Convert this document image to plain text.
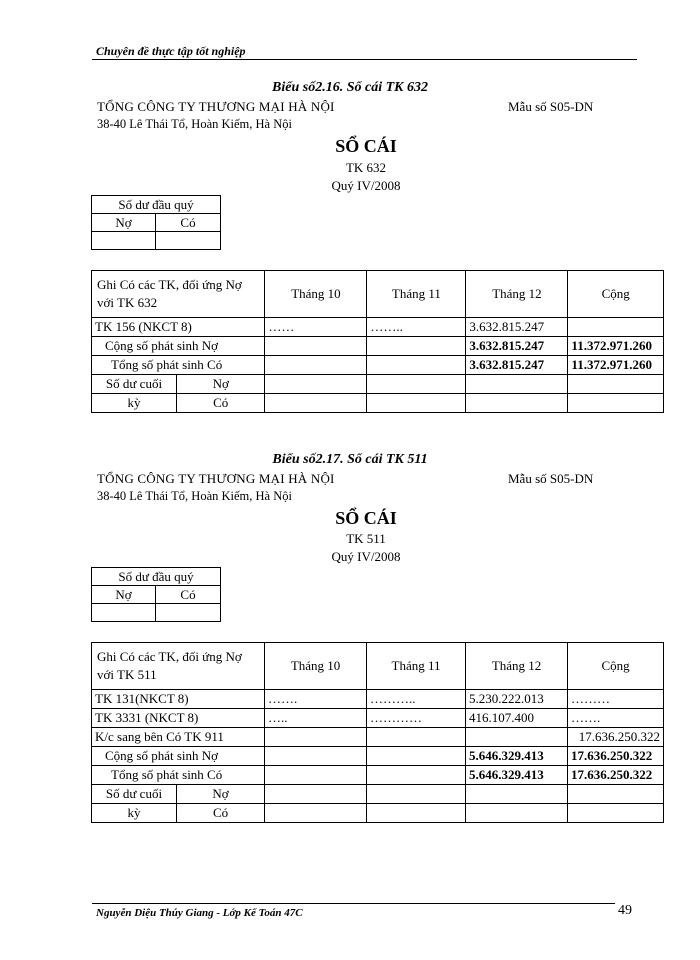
Chuyên đề thực tập tốt nghiệp
Biểu số2.16. Sổ cái TK 632
TỔNG CÔNG TY THƯƠNG MẠI HÀ NỘI	Mẫu số S05-DN
38-40 Lê Thái Tổ, Hoàn Kiếm, Hà Nội
SỔ CÁI
TK 632
Quý IV/2008
Số dư đầu quý	
Nợ	Có

Ghi Có các TK, đối ứng Nợ với TK 632		Tháng 10	Tháng 11	Tháng 12	Cộng
TK 156 (NKCT 8)		……	……..	3.632.815.247	
Cộng số phát sinh Nợ				3.632.815.247	11.372.971.260
Tổng số phát sinh Có				3.632.815.247	11.372.971.260
Số dư cuối	Nợ				
kỳ	Có				
Biểu số2.17. Sổ cái TK 511
TỔNG CÔNG TY THƯƠNG MẠI HÀ NỘI	Mẫu số S05-DN
38-40 Lê Thái Tổ, Hoàn Kiếm, Hà Nội
SỔ CÁI
TK 511
Quý IV/2008
Số dư đầu quý	
Nợ	Có

Ghi Có các TK, đối ứng Nợ với TK 511		Tháng 10	Tháng 11	Tháng 12	Cộng
TK 131(NKCT 8)		…….	………..	5.230.222.013	………
TK 3331 (NKCT 8)		…..	…………	416.107.400	…….
K/c sang bên Có TK 911					17.636.250.322
Cộng số phát sinh Nợ				5.646.329.413	17.636.250.322
Tổng số phát sinh Có				5.646.329.413	17.636.250.322
Số dư cuối	Nợ				
kỳ	Có				
Nguyễn Diệu Thúy Giang - Lớp Kế Toán 47C	49
